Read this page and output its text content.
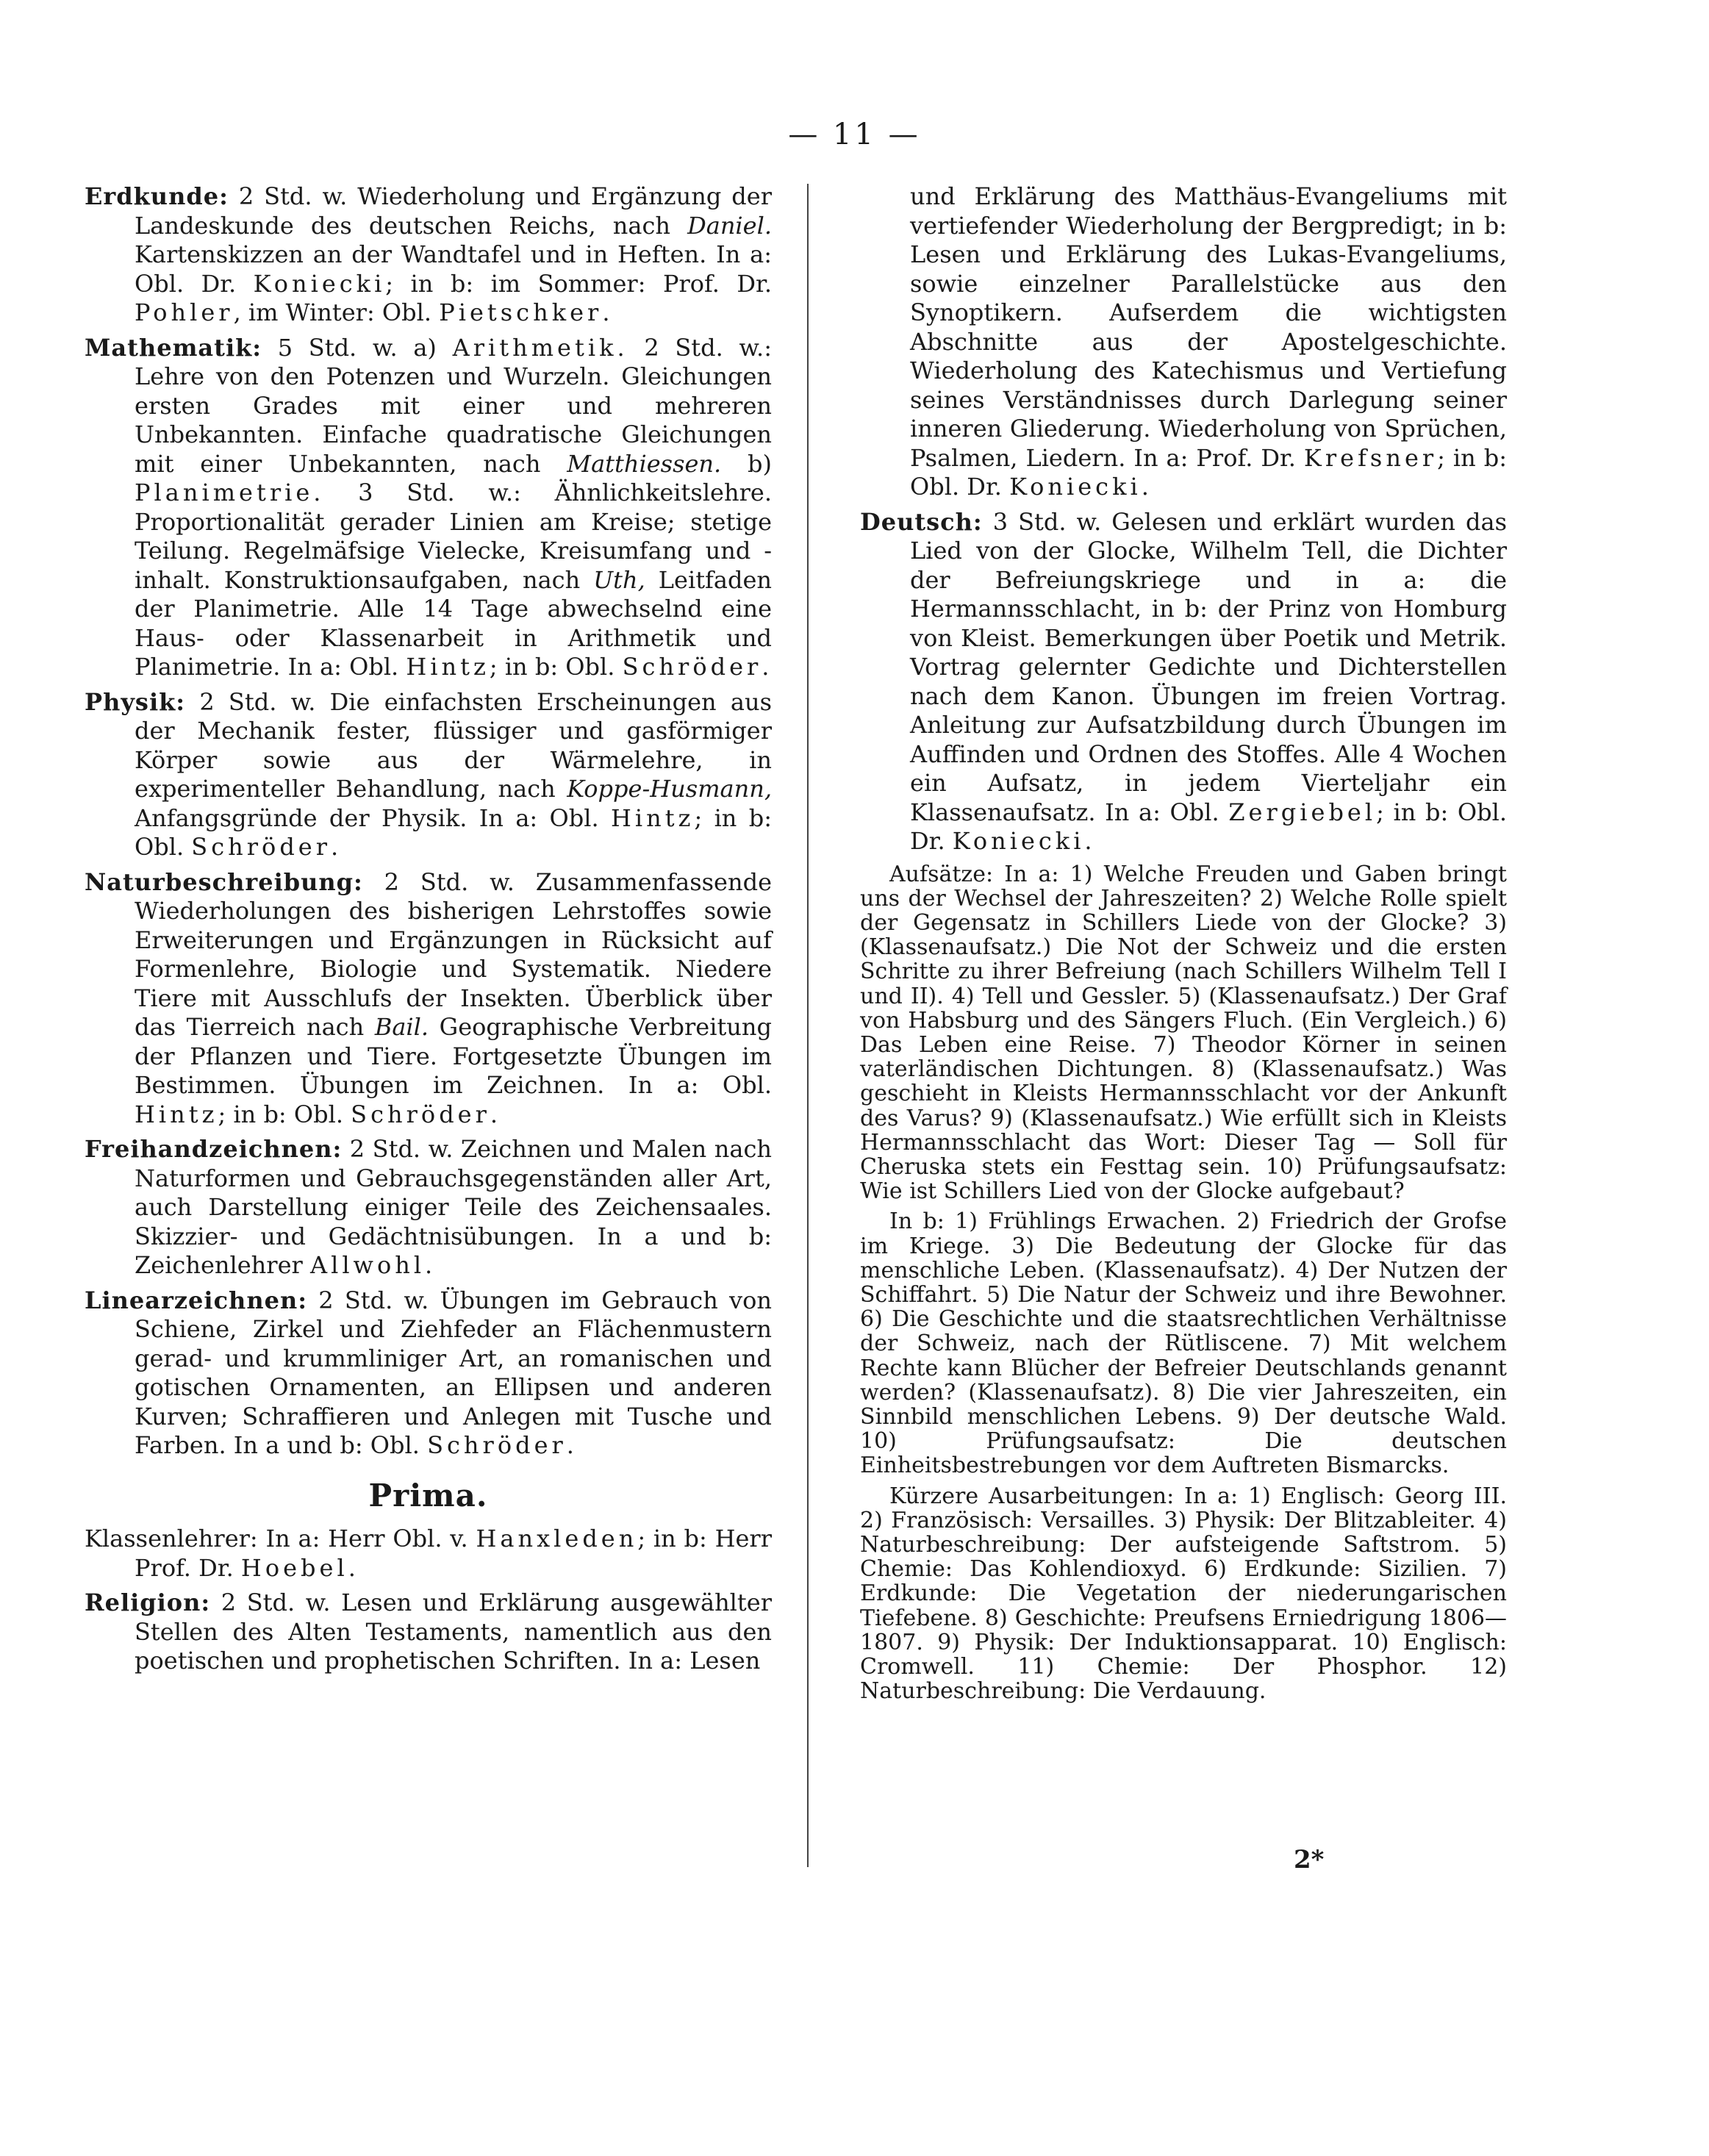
— 11 —

Erdkunde: 2 Std. w. Wiederholung und Ergänzung der Landeskunde des deutschen Reichs, nach Daniel. Kartenskizzen an der Wandtafel und in Heften. In a: Obl. Dr. Koniecki; in b: im Sommer: Prof. Dr. Pohler, im Winter: Obl. Pietschker.

Mathematik: 5 Std. w. a) Arithmetik. 2 Std. w.: Lehre von den Potenzen und Wurzeln. Gleichungen ersten Grades mit einer und mehreren Unbekannten. Einfache quadratische Gleichungen mit einer Unbekannten, nach Matthiessen. b) Planimetrie. 3 Std. w.: Ähnlichkeitslehre. Proportionalität gerader Linien am Kreise; stetige Teilung. Regelmäfsige Vielecke, Kreisumfang und -inhalt. Konstruktionsaufgaben, nach Uth, Leitfaden der Planimetrie. Alle 14 Tage abwechselnd eine Haus- oder Klassenarbeit in Arithmetik und Planimetrie. In a: Obl. Hintz; in b: Obl. Schröder.

Physik: 2 Std. w. Die einfachsten Erscheinungen aus der Mechanik fester, flüssiger und gasförmiger Körper sowie aus der Wärmelehre, in experimenteller Behandlung, nach Koppe-Husmann, Anfangsgründe der Physik. In a: Obl. Hintz; in b: Obl. Schröder.

Naturbeschreibung: 2 Std. w. Zusammenfassende Wiederholungen des bisherigen Lehrstoffes sowie Erweiterungen und Ergänzungen in Rücksicht auf Formenlehre, Biologie und Systematik. Niedere Tiere mit Ausschlufs der Insekten. Überblick über das Tierreich nach Bail. Geographische Verbreitung der Pflanzen und Tiere. Fortgesetzte Übungen im Bestimmen. Übungen im Zeichnen. In a: Obl. Hintz; in b: Obl. Schröder.

Freihandzeichnen: 2 Std. w. Zeichnen und Malen nach Naturformen und Gebrauchsgegenständen aller Art, auch Darstellung einiger Teile des Zeichensaales. Skizzier- und Gedächtnisübungen. In a und b: Zeichenlehrer Allwohl.

Linearzeichnen: 2 Std. w. Übungen im Gebrauch von Schiene, Zirkel und Ziehfeder an Flächenmustern gerad- und krummliniger Art, an romanischen und gotischen Ornamenten, an Ellipsen und anderen Kurven; Schraffieren und Anlegen mit Tusche und Farben. In a und b: Obl. Schröder.

Prima.

Klassenlehrer: In a: Herr Obl. v. Hanxleden; in b: Herr Prof. Dr. Hoebel.

Religion: 2 Std. w. Lesen und Erklärung ausgewählter Stellen des Alten Testaments, namentlich aus den poetischen und prophetischen Schriften. In a: Lesen

und Erklärung des Matthäus-Evangeliums mit vertiefender Wiederholung der Bergpredigt; in b: Lesen und Erklärung des Lukas-Evangeliums, sowie einzelner Parallelstücke aus den Synoptikern. Aufserdem die wichtigsten Abschnitte aus der Apostelgeschichte. Wiederholung des Katechismus und Vertiefung seines Verständnisses durch Darlegung seiner inneren Gliederung. Wiederholung von Sprüchen, Psalmen, Liedern. In a: Prof. Dr. Krefsner; in b: Obl. Dr. Koniecki.

Deutsch: 3 Std. w. Gelesen und erklärt wurden das Lied von der Glocke, Wilhelm Tell, die Dichter der Befreiungskriege und in a: die Hermannsschlacht, in b: der Prinz von Homburg von Kleist. Bemerkungen über Poetik und Metrik. Vortrag gelernter Gedichte und Dichterstellen nach dem Kanon. Übungen im freien Vortrag. Anleitung zur Aufsatzbildung durch Übungen im Auffinden und Ordnen des Stoffes. Alle 4 Wochen ein Aufsatz, in jedem Vierteljahr ein Klassenaufsatz. In a: Obl. Zergiebel; in b: Obl. Dr. Koniecki.

Aufsätze: In a: 1) Welche Freuden und Gaben bringt uns der Wechsel der Jahreszeiten? 2) Welche Rolle spielt der Gegensatz in Schillers Liede von der Glocke? 3) (Klassenaufsatz.) Die Not der Schweiz und die ersten Schritte zu ihrer Befreiung (nach Schillers Wilhelm Tell I und II). 4) Tell und Gessler. 5) (Klassenaufsatz.) Der Graf von Habsburg und des Sängers Fluch. (Ein Vergleich.) 6) Das Leben eine Reise. 7) Theodor Körner in seinen vaterländischen Dichtungen. 8) (Klassenaufsatz.) Was geschieht in Kleists Hermannsschlacht vor der Ankunft des Varus? 9) (Klassenaufsatz.) Wie erfüllt sich in Kleists Hermannsschlacht das Wort: Dieser Tag — Soll für Cheruska stets ein Festtag sein. 10) Prüfungsaufsatz: Wie ist Schillers Lied von der Glocke aufgebaut?

In b: 1) Frühlings Erwachen. 2) Friedrich der Grofse im Kriege. 3) Die Bedeutung der Glocke für das menschliche Leben. (Klassenaufsatz). 4) Der Nutzen der Schiffahrt. 5) Die Natur der Schweiz und ihre Bewohner. 6) Die Geschichte und die staatsrechtlichen Verhältnisse der Schweiz, nach der Rütliscene. 7) Mit welchem Rechte kann Blücher der Befreier Deutschlands genannt werden? (Klassenaufsatz). 8) Die vier Jahreszeiten, ein Sinnbild menschlichen Lebens. 9) Der deutsche Wald. 10) Prüfungsaufsatz: Die deutschen Einheitsbestrebungen vor dem Auftreten Bismarcks.

Kürzere Ausarbeitungen: In a: 1) Englisch: Georg III. 2) Französisch: Versailles. 3) Physik: Der Blitzableiter. 4) Naturbeschreibung: Der aufsteigende Saftstrom. 5) Chemie: Das Kohlendioxyd. 6) Erdkunde: Sizilien. 7) Erdkunde: Die Vegetation der niederungarischen Tiefebene. 8) Geschichte: Preufsens Erniedrigung 1806—1807. 9) Physik: Der Induktionsapparat. 10) Englisch: Cromwell. 11) Chemie: Der Phosphor. 12) Naturbeschreibung: Die Verdauung.

2*
